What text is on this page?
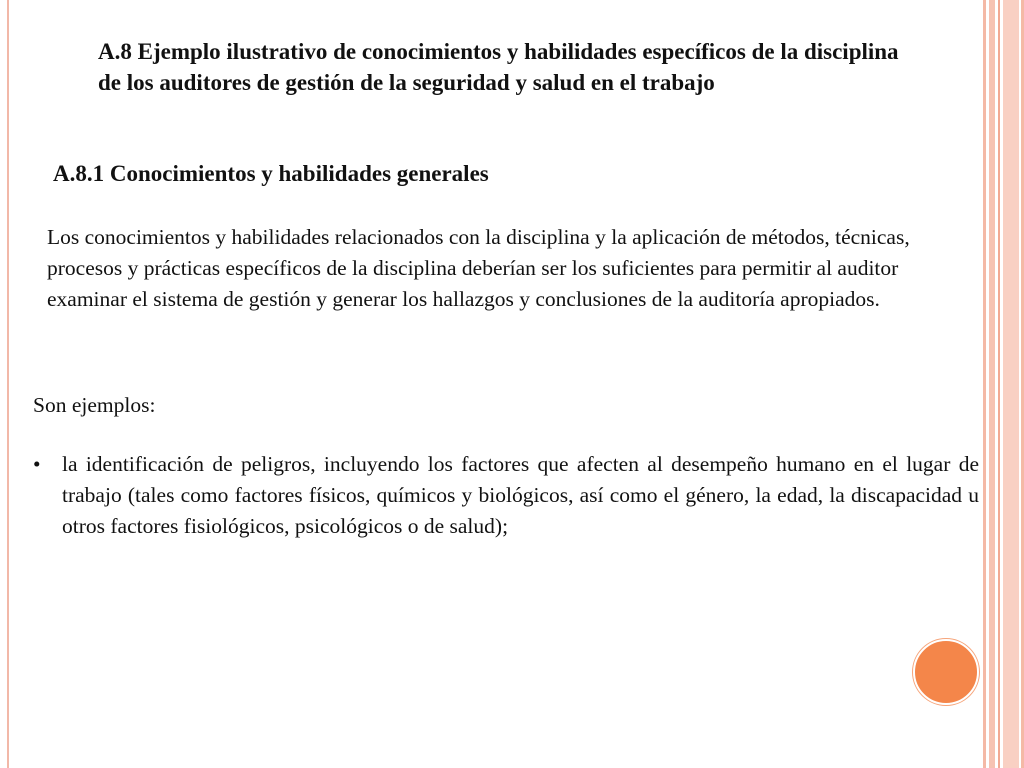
A.8 Ejemplo ilustrativo de conocimientos y habilidades específicos de la disciplina de los auditores de gestión de la seguridad y salud en el trabajo
A.8.1 Conocimientos y habilidades generales

Los conocimientos y habilidades relacionados con la disciplina y la aplicación de métodos, técnicas, procesos y prácticas específicos de la disciplina deberían ser los suficientes para permitir al auditor examinar el sistema de gestión y generar los hallazgos y conclusiones de la auditoría apropiados.

Son ejemplos:

• la identificación de peligros, incluyendo los factores que afecten al desempeño humano en el lugar de trabajo (tales como factores físicos, químicos y biológicos, así como el género, la edad, la discapacidad u otros factores fisiológicos, psicológicos o de salud);
